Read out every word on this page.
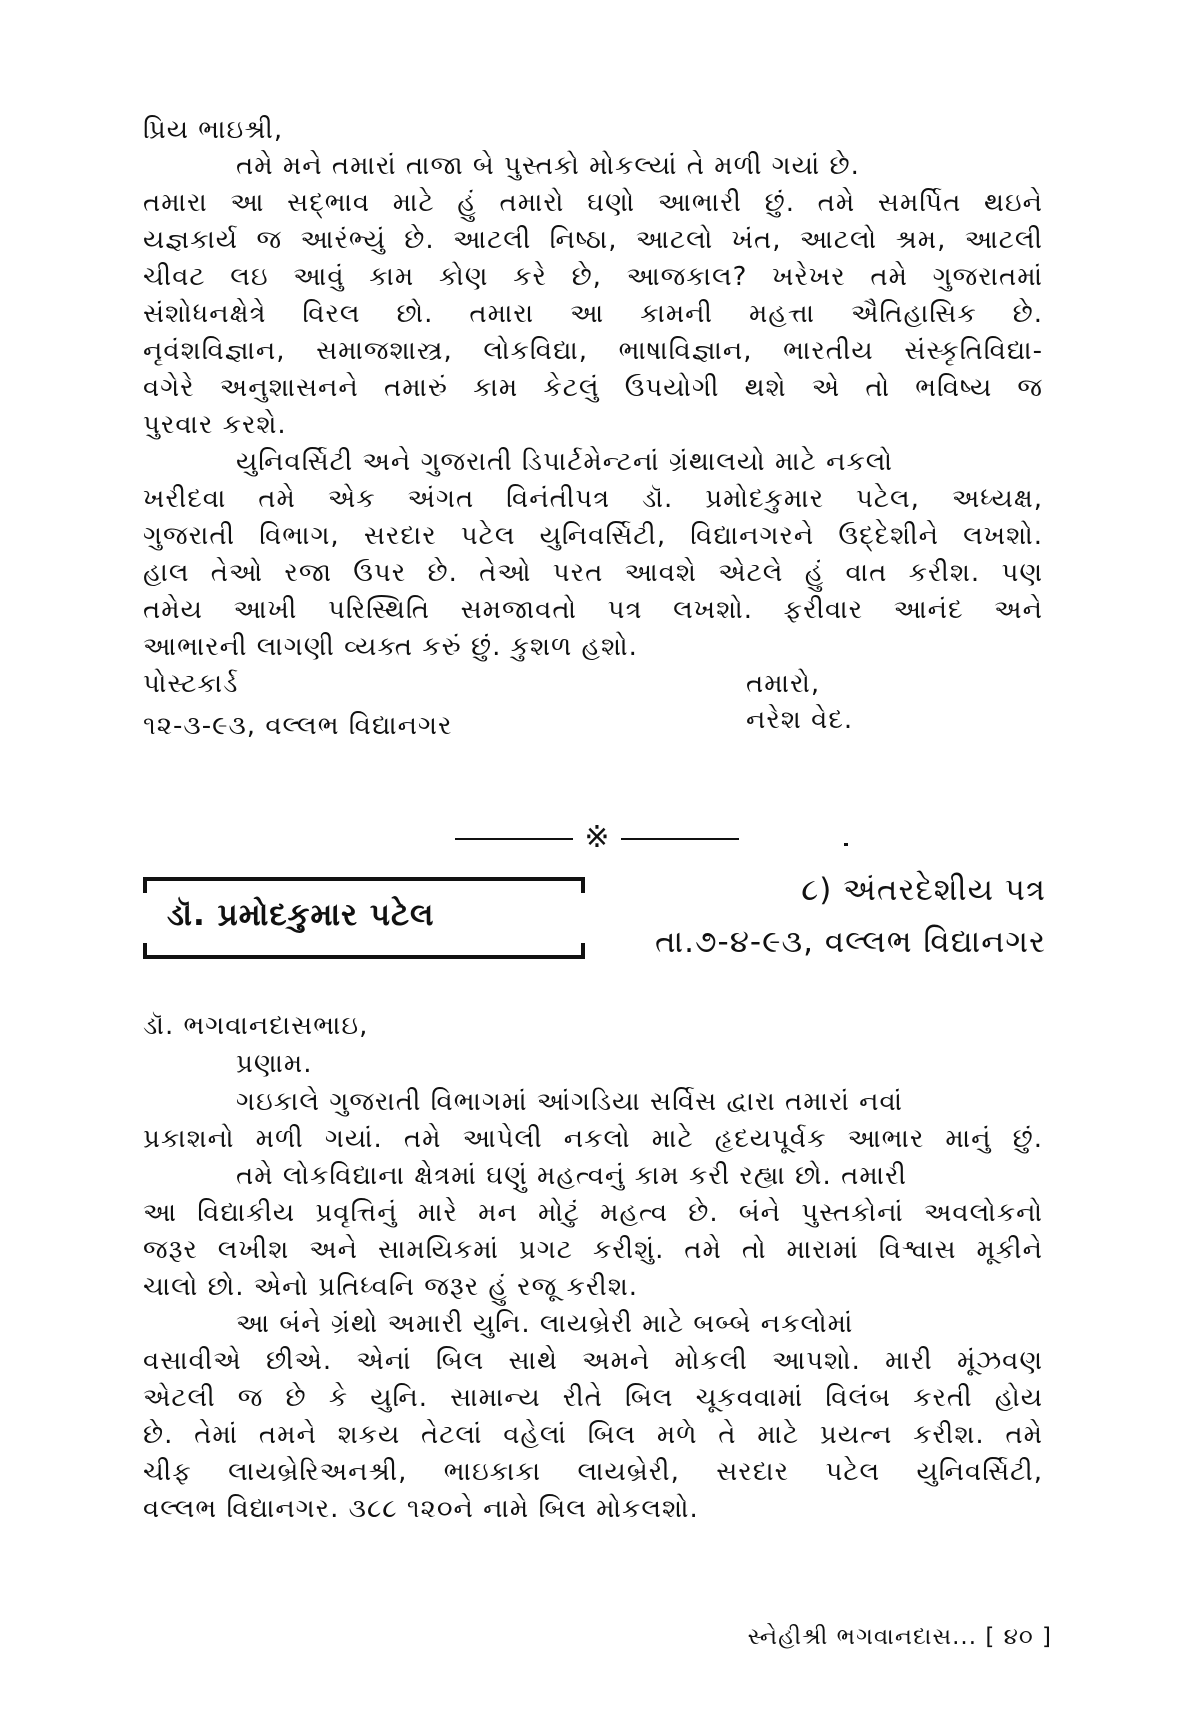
પ્રિય ભાઇશ્રી,
તમે મને તમારાં તાજા બે પુસ્તકો મોકલ્યાં તે મળી ગયાં છે.
તમારા આ સદ્ભાવ માટે હું તમારો ઘણો આભારી છું. તમે સમર્પિત થઇને
યજ્ઞકાર્ય જ આરંભ્યું છે. આટલી નિષ્ઠા, આટલો ખંત, આટલો શ્રમ, આટલી
ચીવટ લઇ આવું કામ કોણ કરે છે, આજકાલ? ખરેખર તમે ગુજરાતમાં
સંશોધનક્ષેત્રે વિરલ છો. તમારા આ કામની મહત્તા ઐતિહાસિક છે.
નૃવંશવિજ્ઞાન, સમાજશાસ્ત્ર, લોકવિદ્યા, ભાષાવિજ્ઞાન, ભારતીય સંસ્કૃતિવિદ્યા-
વગેરે અનુશાસનને તમારું કામ કેટલું ઉપયોગી થશે એ તો ભવિષ્ય જ
પુરવાર કરશે.
યુનિવર્સિટી અને ગુજરાતી ડિપાર્ટમેન્ટનાં ગ્રંથાલયો માટે નકલો
ખરીદવા તમે એક અંગત વિનંતીપત્ર ડૉ. પ્રમોદકુમાર પટેલ, અધ્યક્ષ,
ગુજરાતી વિભાગ, સરદાર પટેલ યુનિવર્સિટી, વિદ્યાનગરને ઉદ્દેશીને લખશો.
હાલ તેઓ રજા ઉપર છે. તેઓ પરત આવશે એટલે હું વાત કરીશ. પણ
તમેય આખી પરિસ્થિતિ સમજાવતો પત્ર લખશો. ફરીવાર આનંદ અને
આભારની લાગણી વ્યક્ત કરું છું. કુશળ હશો.
પોસ્ટકાર્ડ	તમારો,
૧૨-૩-૯૩, વલ્લભ વિદ્યાનગર	નરેશ વેદ.
※
ડૉ. પ્રમોદકુમાર પટેલ
૮) અંતરદેશીય પત્ર
તા.૭-૪-૯૩, વલ્લભ વિદ્યાનગર
ડૉ. ભગવાનદાસભાઇ,
પ્રણામ.
ગઇકાલે ગુજરાતી વિભાગમાં આંગડિયા સર્વિસ દ્વારા તમારાં નવાં
પ્રકાશનો મળી ગયાં. તમે આપેલી નકલો માટે હૃદયપૂર્વક આભાર માનું છું.
તમે લોકવિદ્યાના ક્ષેત્રમાં ઘણું મહત્વનું કામ કરી રહ્યા છો. તમારી
આ વિદ્યાકીય પ્રવૃત્તિનું મારે મન મોટું મહત્વ છે. બંને પુસ્તકોનાં અવલોકનો
જરૂર લખીશ અને સામયિકમાં પ્રગટ કરીશું. તમે તો મારામાં વિશ્વાસ મૂકીને
ચાલો છો. એનો પ્રતિધ્વનિ જરૂર હું રજૂ કરીશ.
આ બંને ગ્રંથો અમારી યુનિ. લાયબ્રેરી માટે બબ્બે નકલોમાં
વસાવીએ છીએ. એનાં બિલ સાથે અમને મોકલી આપશો. મારી મૂંઝવણ
એટલી જ છે કે યુનિ. સામાન્ય રીતે બિલ ચૂકવવામાં વિલંબ કરતી હોય
છે. તેમાં તમને શકય તેટલાં વહેલાં બિલ મળે તે માટે પ્રયત્ન કરીશ. તમે
ચીફ લાયબ્રેરિઅનશ્રી, ભાઇકાકા લાયબ્રેરી, સરદાર પટેલ યુનિવર્સિટી,
વલ્લભ વિદ્યાનગર. ૩૮૮ ૧૨૦ને નામે બિલ મોકલશો.
સ્નેહીશ્રી ભગવાનદાસ... [ ૪૦ ]
